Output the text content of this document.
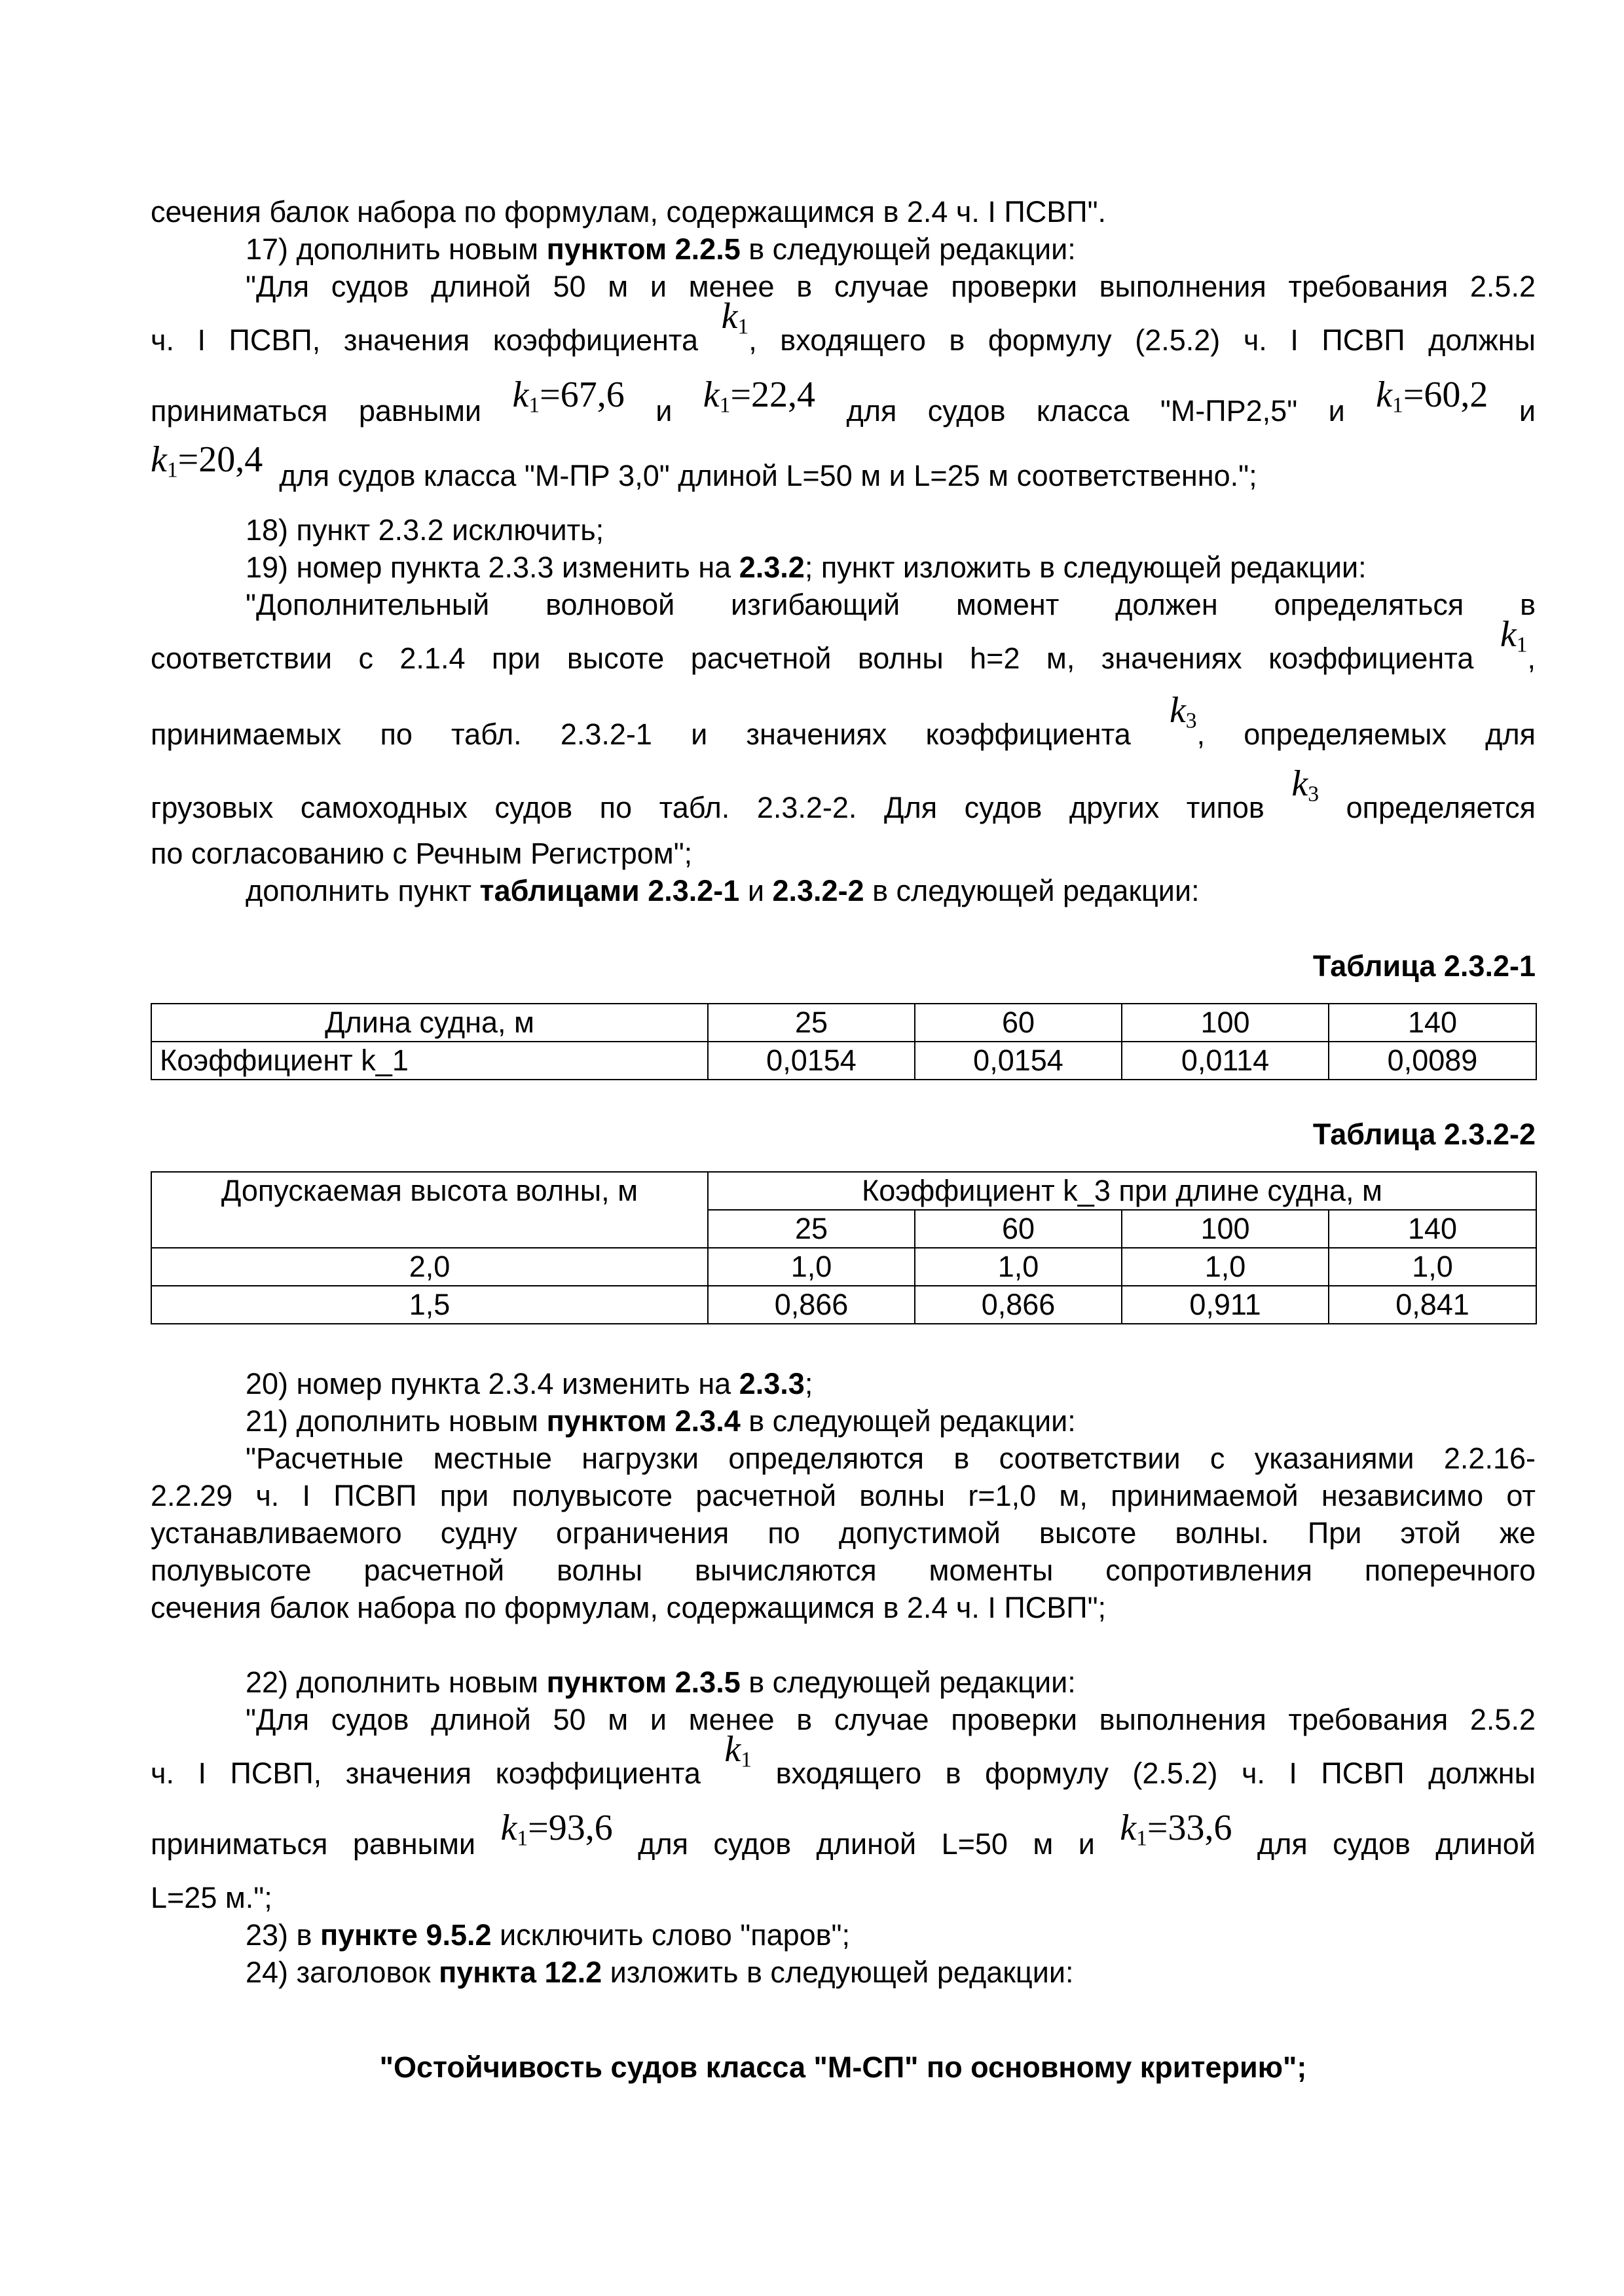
сечения балок набора по формулам, содержащимся в 2.4 ч. I ПСВП".

17) дополнить новым пунктом 2.2.5 в следующей редакции:

"Для судов длиной 50 м и менее в случае проверки выполнения требования 2.5.2

ч. I ПСВП, значения коэффициента $k_1$, входящего в формулу (2.5.2) ч. I ПСВП должны

приниматься равными $k_1=67,6$ и $k_1=22,4$ для судов класса "М-ПР2,5" и $k_1=60,2$ и

$k_1=20,4$ для судов класса "М-ПР 3,0" длиной L=50 м и L=25 м соответственно.";

18) пункт 2.3.2 исключить;

19) номер пункта 2.3.3 изменить на 2.3.2; пункт изложить в следующей редакции:

"Дополнительный волновой изгибающий момент должен определяться в

соответствии с 2.1.4 при высоте расчетной волны h=2 м, значениях коэффициента $k_1$,

принимаемых по табл. 2.3.2-1 и значениях коэффициента $k_3$, определяемых для

грузовых самоходных судов по табл. 2.3.2-2. Для судов других типов $k_3$ определяется

по согласованию с Речным Регистром";

дополнить пункт таблицами 2.3.2-1 и 2.3.2-2 в следующей редакции:

Таблица 2.3.2-1

Длина судна, м	25	60	100	140
Коэффициент k_1	0,0154	0,0154	0,0114	0,0089

Таблица 2.3.2-2

Допускаемая высота волны, м	Коэффициент k_3 при длине судна, м			
	25	60	100	140
2,0	1,0	1,0	1,0	1,0
1,5	0,866	0,866	0,911	0,841

20) номер пункта 2.3.4 изменить на 2.3.3;

21) дополнить новым пунктом 2.3.4 в следующей редакции:

"Расчетные местные нагрузки определяются в соответствии с указаниями 2.2.16-

2.2.29 ч. I ПСВП при полувысоте расчетной волны r=1,0 м, принимаемой независимо от

устанавливаемого судну ограничения по допустимой высоте волны. При этой же

полувысоте расчетной волны вычисляются моменты сопротивления поперечного

сечения балок набора по формулам, содержащимся в 2.4 ч. I ПСВП";

22) дополнить новым пунктом 2.3.5 в следующей редакции:

"Для судов длиной 50 м и менее в случае проверки выполнения требования 2.5.2

ч. I ПСВП, значения коэффициента $k_1$ входящего в формулу (2.5.2) ч. I ПСВП должны

приниматься равными $k_1=93,6$ для судов длиной L=50 м и $k_1=33,6$ для судов длиной

L=25 м.";

23) в пункте 9.5.2 исключить слово "паров";

24) заголовок пункта 12.2 изложить в следующей редакции:

"Остойчивость судов класса "М-СП" по основному критерию";
